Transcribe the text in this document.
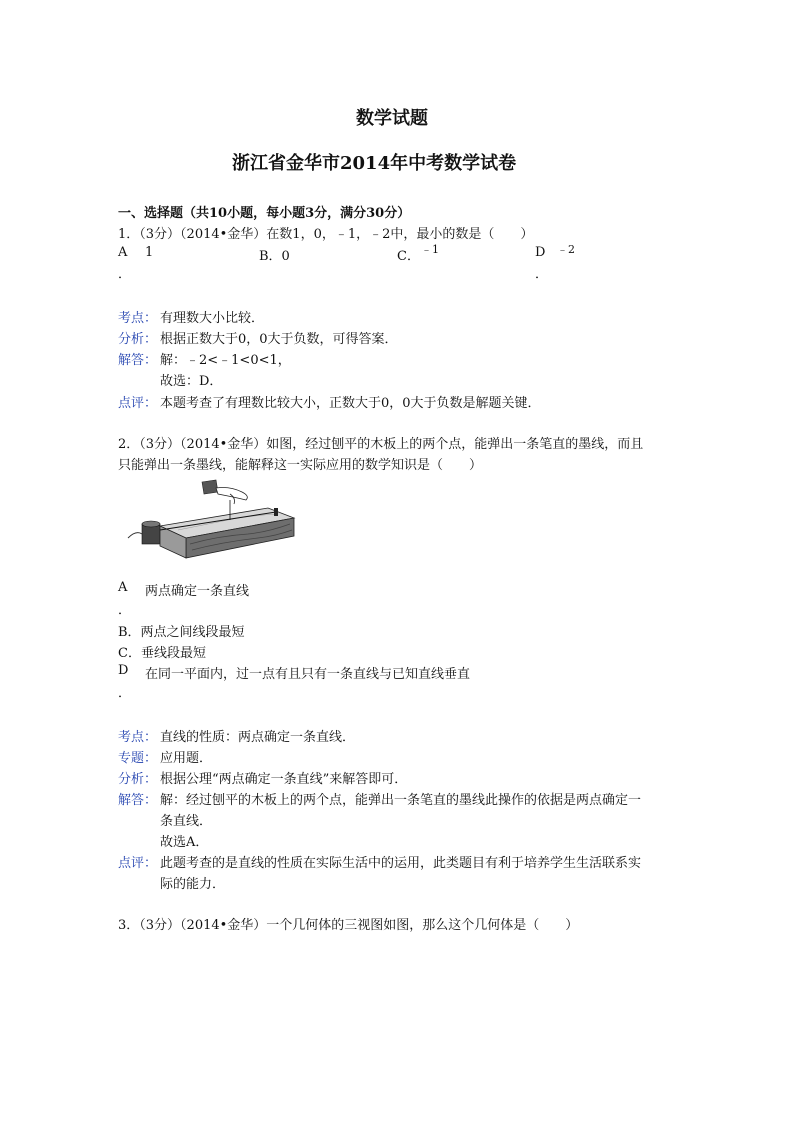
数学试题
浙江省金华市2014年中考数学试卷
一、选择题（共10小题，每小题3分，满分30分）
1．（3分）（2014•金华）在数1，0，﹣1，﹣2中，最小的数是（　　）
A 1
．
B．0	C． ﹣1	D ﹣2
．
考点： 有理数大小比较．
分析： 根据正数大于0，0大于负数，可得答案．
解答： 解：﹣2<﹣1<0<1，
故选：D．
点评： 本题考查了有理数比较大小，正数大于0，0大于负数是解题关键．
2．（3分）（2014•金华）如图，经过刨平的木板上的两个点，能弹出一条笔直的墨线，而且
只能弹出一条墨线，能解释这一实际应用的数学知识是（　　）
A 两点确定一条直线
．
B．两点之间线段最短
C．垂线段最短
D 在同一平面内，过一点有且只有一条直线与已知直线垂直
．
考点： 直线的性质：两点确定一条直线．
专题： 应用题．
分析： 根据公理“两点确定一条直线”来解答即可．
解答： 解：经过刨平的木板上的两个点，能弹出一条笔直的墨线此操作的依据是两点确定一
条直线．
故选A．
点评： 此题考查的是直线的性质在实际生活中的运用，此类题目有利于培养学生生活联系实
际的能力．
3．（3分）（2014•金华）一个几何体的三视图如图，那么这个几何体是（　　）
